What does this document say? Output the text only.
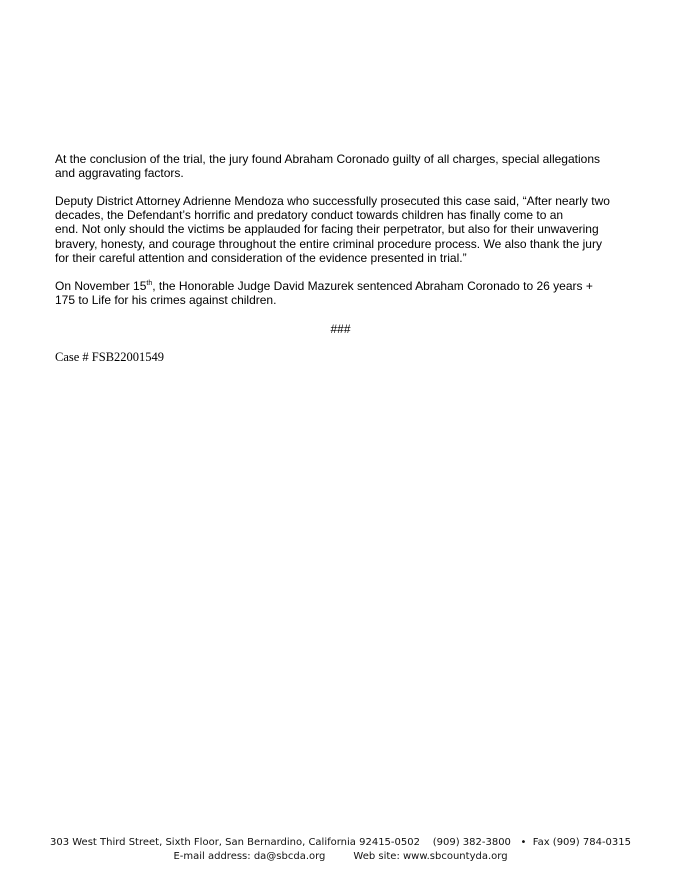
At the conclusion of the trial, the jury found Abraham Coronado guilty of all charges, special allegations
and aggravating factors.

Deputy District Attorney Adrienne Mendoza who successfully prosecuted this case said, “After nearly two
decades, the Defendant’s horrific and predatory conduct towards children has finally come to an
end. Not only should the victims be applauded for facing their perpetrator, but also for their unwavering
bravery, honesty, and courage throughout the entire criminal procedure process. We also thank the jury
for their careful attention and consideration of the evidence presented in trial.”

On November 15th, the Honorable Judge David Mazurek sentenced Abraham Coronado to 26 years +
175 to Life for his crimes against children.

###

Case # FSB22001549

303 West Third Street, Sixth Floor, San Bernardino, California 92415-0502 (909) 382-3800 • Fax (909) 784-0315
E-mail address: da@sbcda.org	Web site: www.sbcountyda.org
